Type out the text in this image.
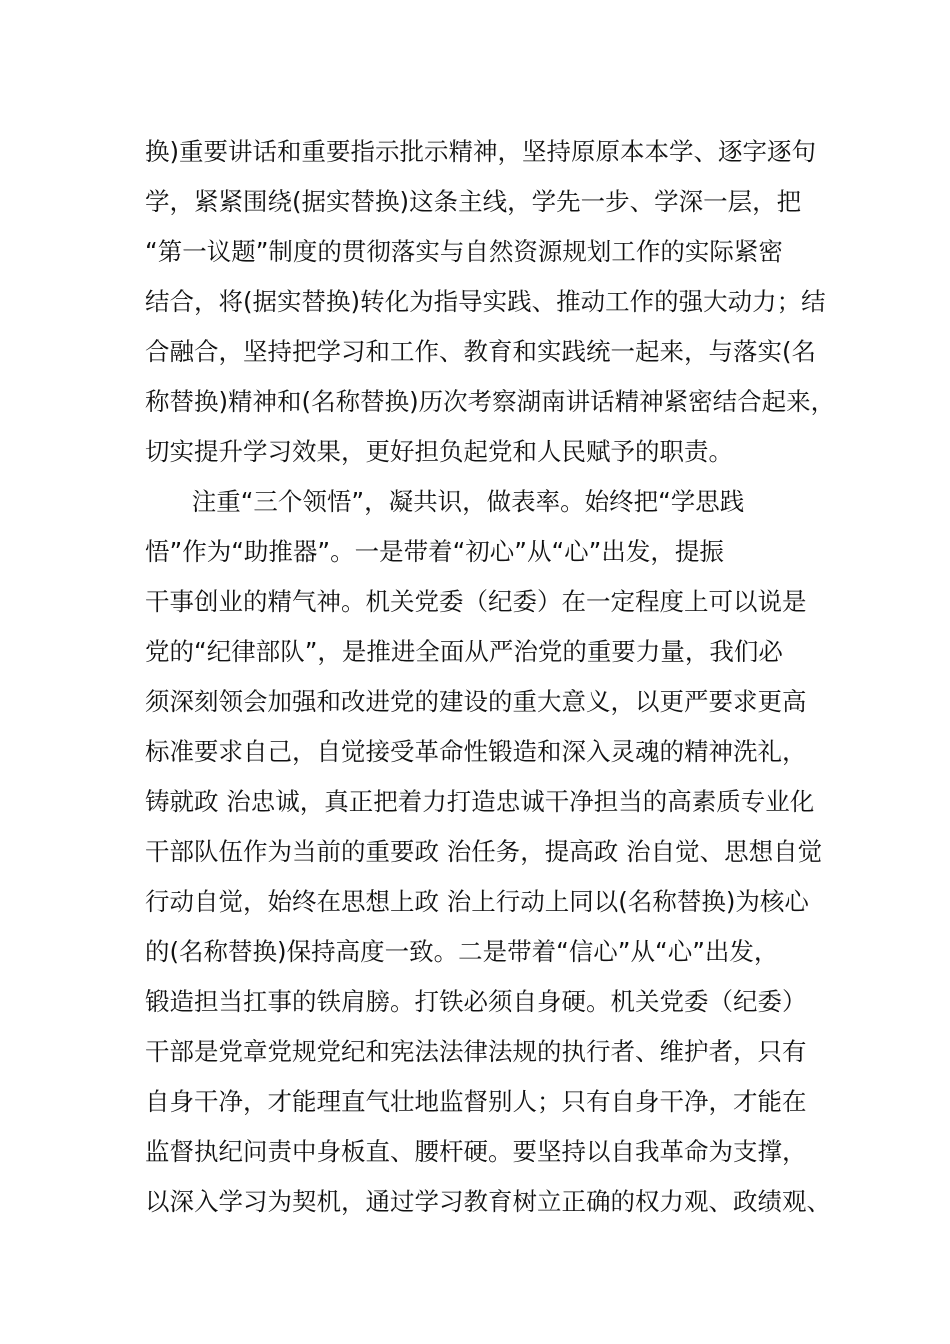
换)重要讲话和重要指示批示精神，坚持原原本本学、逐字逐句

学，紧紧围绕(据实替换)这条主线，学先一步、学深一层，把

“第一议题”制度的贯彻落实与自然资源规划工作的实际紧密

结合，将(据实替换)转化为指导实践、推动工作的强大动力；结

合融合，坚持把学习和工作、教育和实践统一起来，与落实(名

称替换)精神和(名称替换)历次考察湖南讲话精神紧密结合起来，

切实提升学习效果，更好担负起党和人民赋予的职责。

注重“三个领悟”，凝共识，做表率。始终把“学思践

悟”作为“助推器”。一是带着“初心”从“心”出发，提振

干事创业的精气神。机关党委（纪委）在一定程度上可以说是

党的“纪律部队”，是推进全面从严治党的重要力量，我们必

须深刻领会加强和改进党的建设的重大意义，以更严要求更高

标准要求自己，自觉接受革命性锻造和深入灵魂的精神洗礼，

铸就政 治忠诚，真正把着力打造忠诚干净担当的高素质专业化

干部队伍作为当前的重要政 治任务，提高政 治自觉、思想自觉

行动自觉，始终在思想上政 治上行动上同以(名称替换)为核心

的(名称替换)保持高度一致。二是带着“信心”从“心”出发，

锻造担当扛事的铁肩膀。打铁必须自身硬。机关党委（纪委）

干部是党章党规党纪和宪法法律法规的执行者、维护者，只有

自身干净，才能理直气壮地监督别人；只有自身干净，才能在

监督执纪问责中身板直、腰杆硬。要坚持以自我革命为支撑，

以深入学习为契机，通过学习教育树立正确的权力观、政绩观、
